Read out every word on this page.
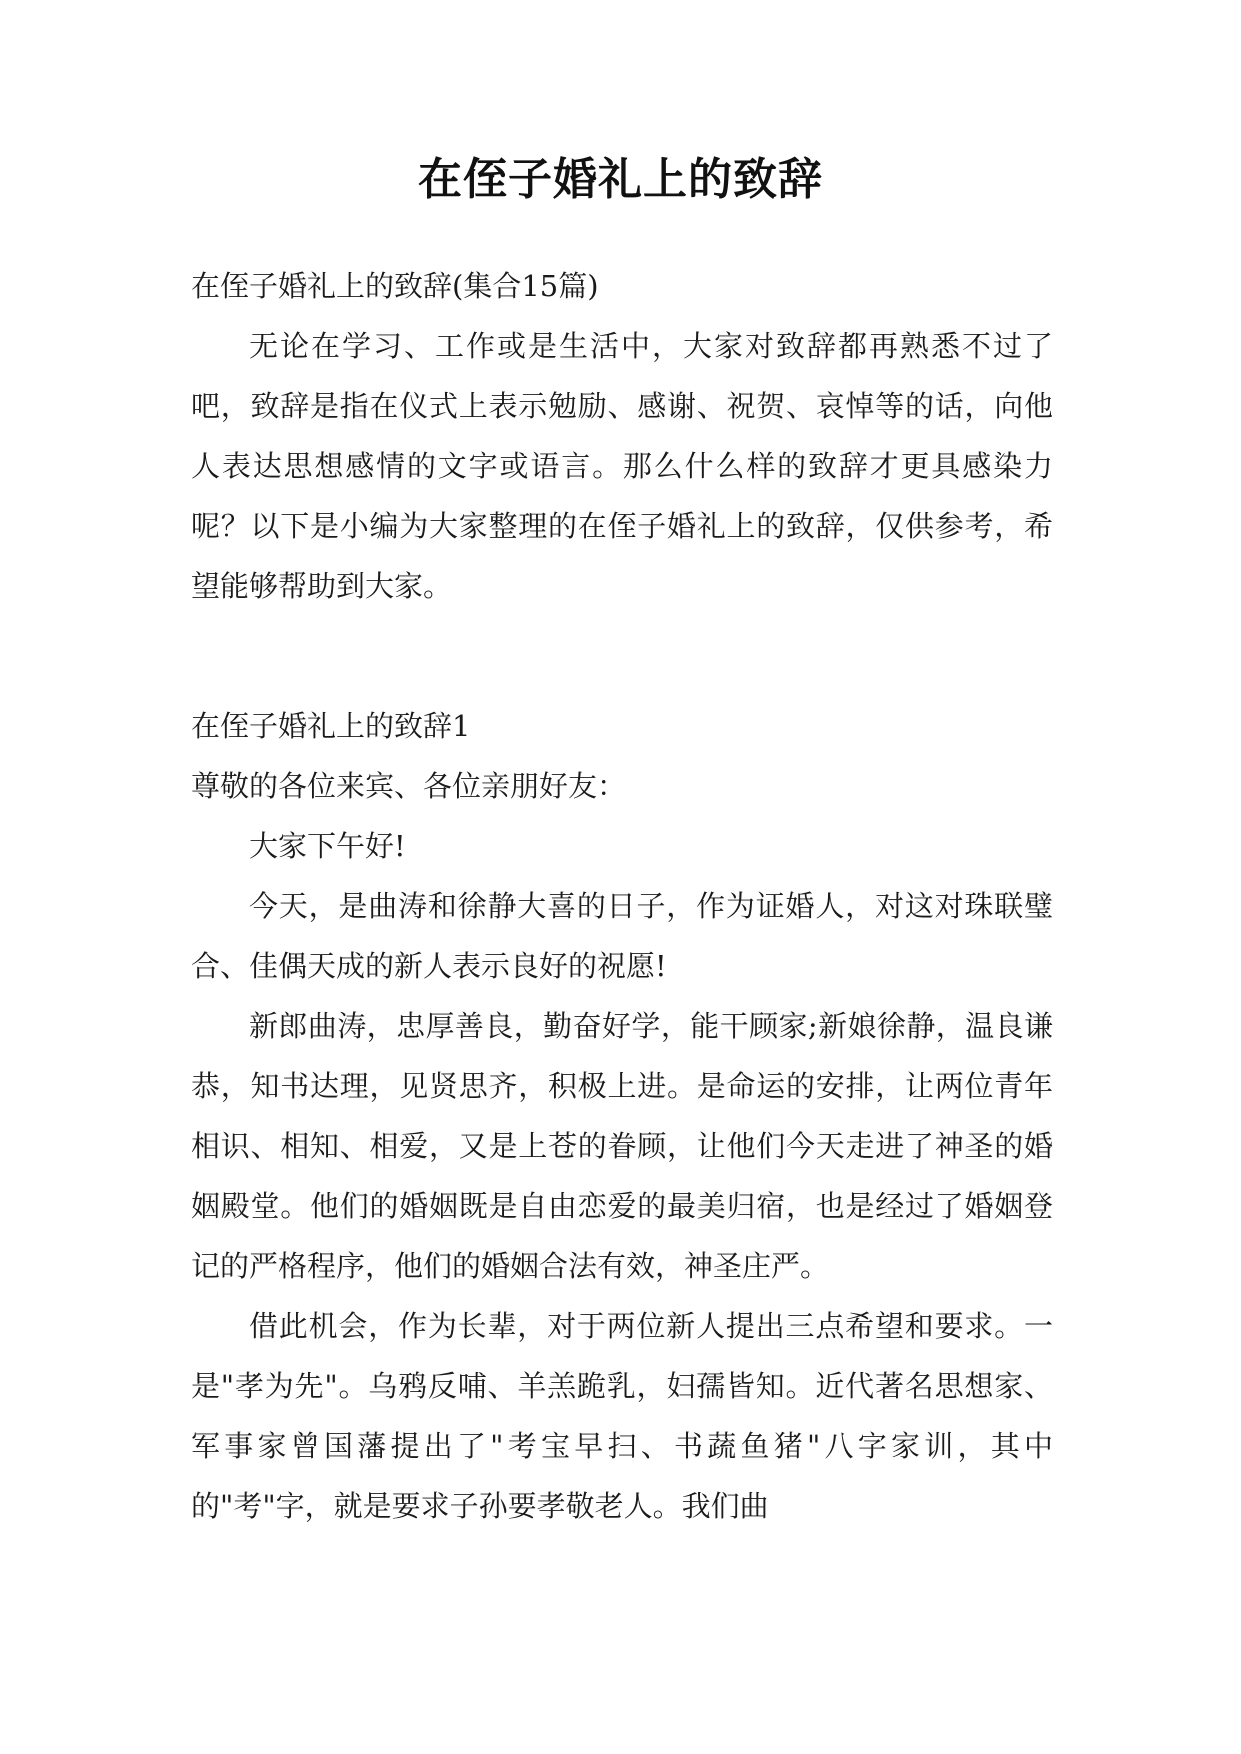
在侄子婚礼上的致辞

在侄子婚礼上的致辞(集合15篇)

无论在学习、工作或是生活中，大家对致辞都再熟悉不过了吧，致辞是指在仪式上表示勉励、感谢、祝贺、哀悼等的话，向他人表达思想感情的文字或语言。那么什么样的致辞才更具感染力呢？以下是小编为大家整理的在侄子婚礼上的致辞，仅供参考，希望能够帮助到大家。

在侄子婚礼上的致辞1

尊敬的各位来宾、各位亲朋好友：

大家下午好!

今天，是曲涛和徐静大喜的日子，作为证婚人，对这对珠联璧合、佳偶天成的新人表示良好的祝愿!

新郎曲涛，忠厚善良，勤奋好学，能干顾家;新娘徐静，温良谦恭，知书达理，见贤思齐，积极上进。是命运的安排，让两位青年相识、相知、相爱，又是上苍的眷顾，让他们今天走进了神圣的婚姻殿堂。他们的婚姻既是自由恋爱的最美归宿，也是经过了婚姻登记的严格程序，他们的婚姻合法有效，神圣庄严。

借此机会，作为长辈，对于两位新人提出三点希望和要求。一是"孝为先"。乌鸦反哺、羊羔跪乳，妇孺皆知。近代著名思想家、军事家曾国藩提出了"考宝早扫、书蔬鱼猪"八字家训，其中的"考"字，就是要求子孙要孝敬老人。我们曲
